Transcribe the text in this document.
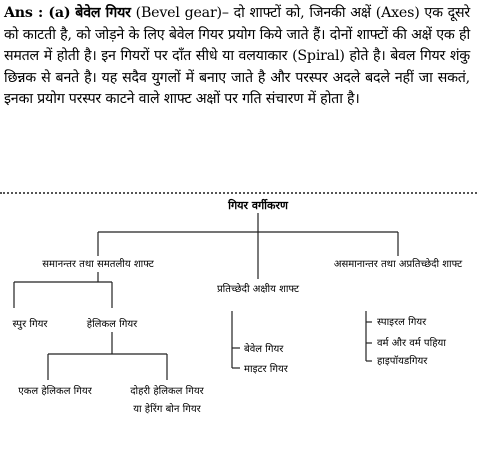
Ans : (a) बेवेल गियर (Bevel gear)– दो शाफ्टों को, जिनकी अक्षें (Axes) एक दूसरे को काटती है, को जोड़ने के लिए बेवेल गियर प्रयोग किये जाते हैं। दोनों शाफ्टों की अक्षें एक ही समतल में होती है। इन गियरों पर दाँत सीधे या वलयाकार (Spiral) होते है। बेवल गियर शंकु छिन्नक से बनते है। यह सदैव युगलों में बनाए जाते है और परस्पर अदले बदले नहीं जा सकतं, इनका प्रयोग परस्पर काटने वाले शाफ्ट अक्षों पर गति संचारण में होता है।
गियर वर्गीकरण
समानन्तर तथा समतलीय शाफ्ट
प्रतिच्छेदी अक्षीय शाफ्ट
असमानान्तर तथा अप्रतिच्छेदी शाफ्ट
स्पुर गियर	हेलिकल गियर
एकल हेलिकल गियर	दोहरी हेलिकल गियर
या हेरिंग बोन गियर
बेवेल गियर
माइटर गियर
स्पाइरल गियर
वर्म और वर्म पहिया
हाइपॉयडगियर
